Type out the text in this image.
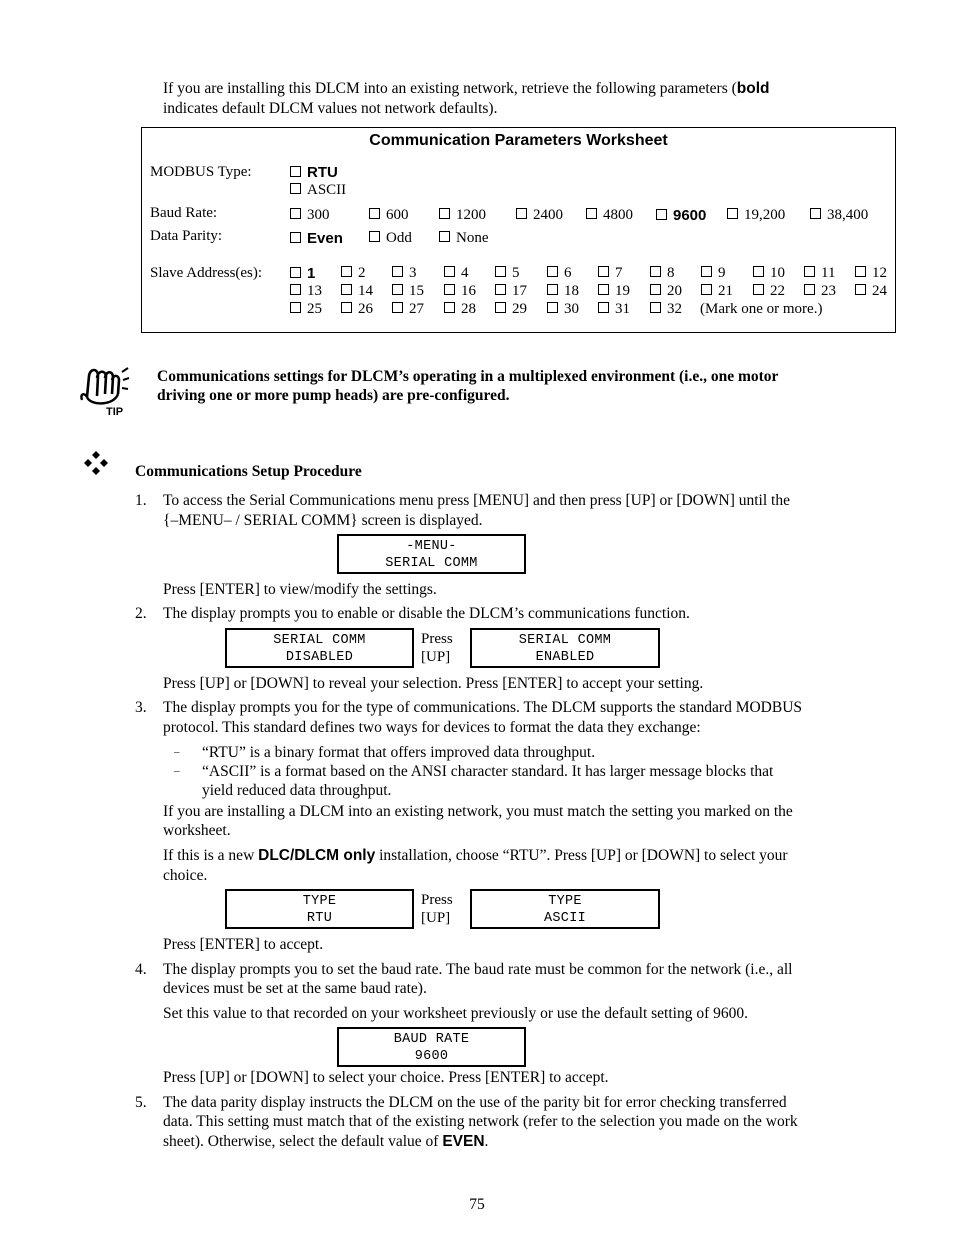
If you are installing this DLCM into an existing network, retrieve the following parameters (bold
indicates default DLCM values not network defaults).
Communication Parameters Worksheet
MODBUS Type:	RTU
ASCII
Baud Rate:	300	600	1200	2400	4800	9600	19,200	38,400
Data Parity:	Even	Odd	None
Slave Address(es):	1	2	3	4	5	6	7	8	9	10	11	12
13	14	15	16	17	18	19	20	21	22	23	24
25	26	27	28	29	30	31	32 (Mark one or more.)
TIP
Communications settings for DLCM’s operating in a multiplexed environment (i.e., one motor
driving one or more pump heads) are pre-configured.
Communications Setup Procedure
1. To access the Serial Communications menu press [MENU] and then press [UP] or [DOWN] until the
{–MENU– / SERIAL COMM} screen is displayed.
-MENU-
SERIAL COMM
Press [ENTER] to view/modify the settings.
2. The display prompts you to enable or disable the DLCM’s communications function.
SERIAL COMM
DISABLED
Press
[UP]
SERIAL COMM
ENABLED
Press [UP] or [DOWN] to reveal your selection. Press [ENTER] to accept your setting.
3. The display prompts you for the type of communications. The DLCM supports the standard MODBUS
protocol. This standard defines two ways for devices to format the data they exchange:
– “RTU” is a binary format that offers improved data throughput.
– “ASCII” is a format based on the ANSI character standard. It has larger message blocks that
yield reduced data throughput.
If you are installing a DLCM into an existing network, you must match the setting you marked on the
worksheet.
If this is a new DLC/DLCM only installation, choose “RTU”. Press [UP] or [DOWN] to select your
choice.
TYPE
RTU
Press
[UP]
TYPE
ASCII
Press [ENTER] to accept.
4. The display prompts you to set the baud rate. The baud rate must be common for the network (i.e., all
devices must be set at the same baud rate).
Set this value to that recorded on your worksheet previously or use the default setting of 9600.
BAUD RATE
9600
Press [UP] or [DOWN] to select your choice. Press [ENTER] to accept.
5. The data parity display instructs the DLCM on the use of the parity bit for error checking transferred
data. This setting must match that of the existing network (refer to the selection you made on the work
sheet). Otherwise, select the default value of EVEN.
75
